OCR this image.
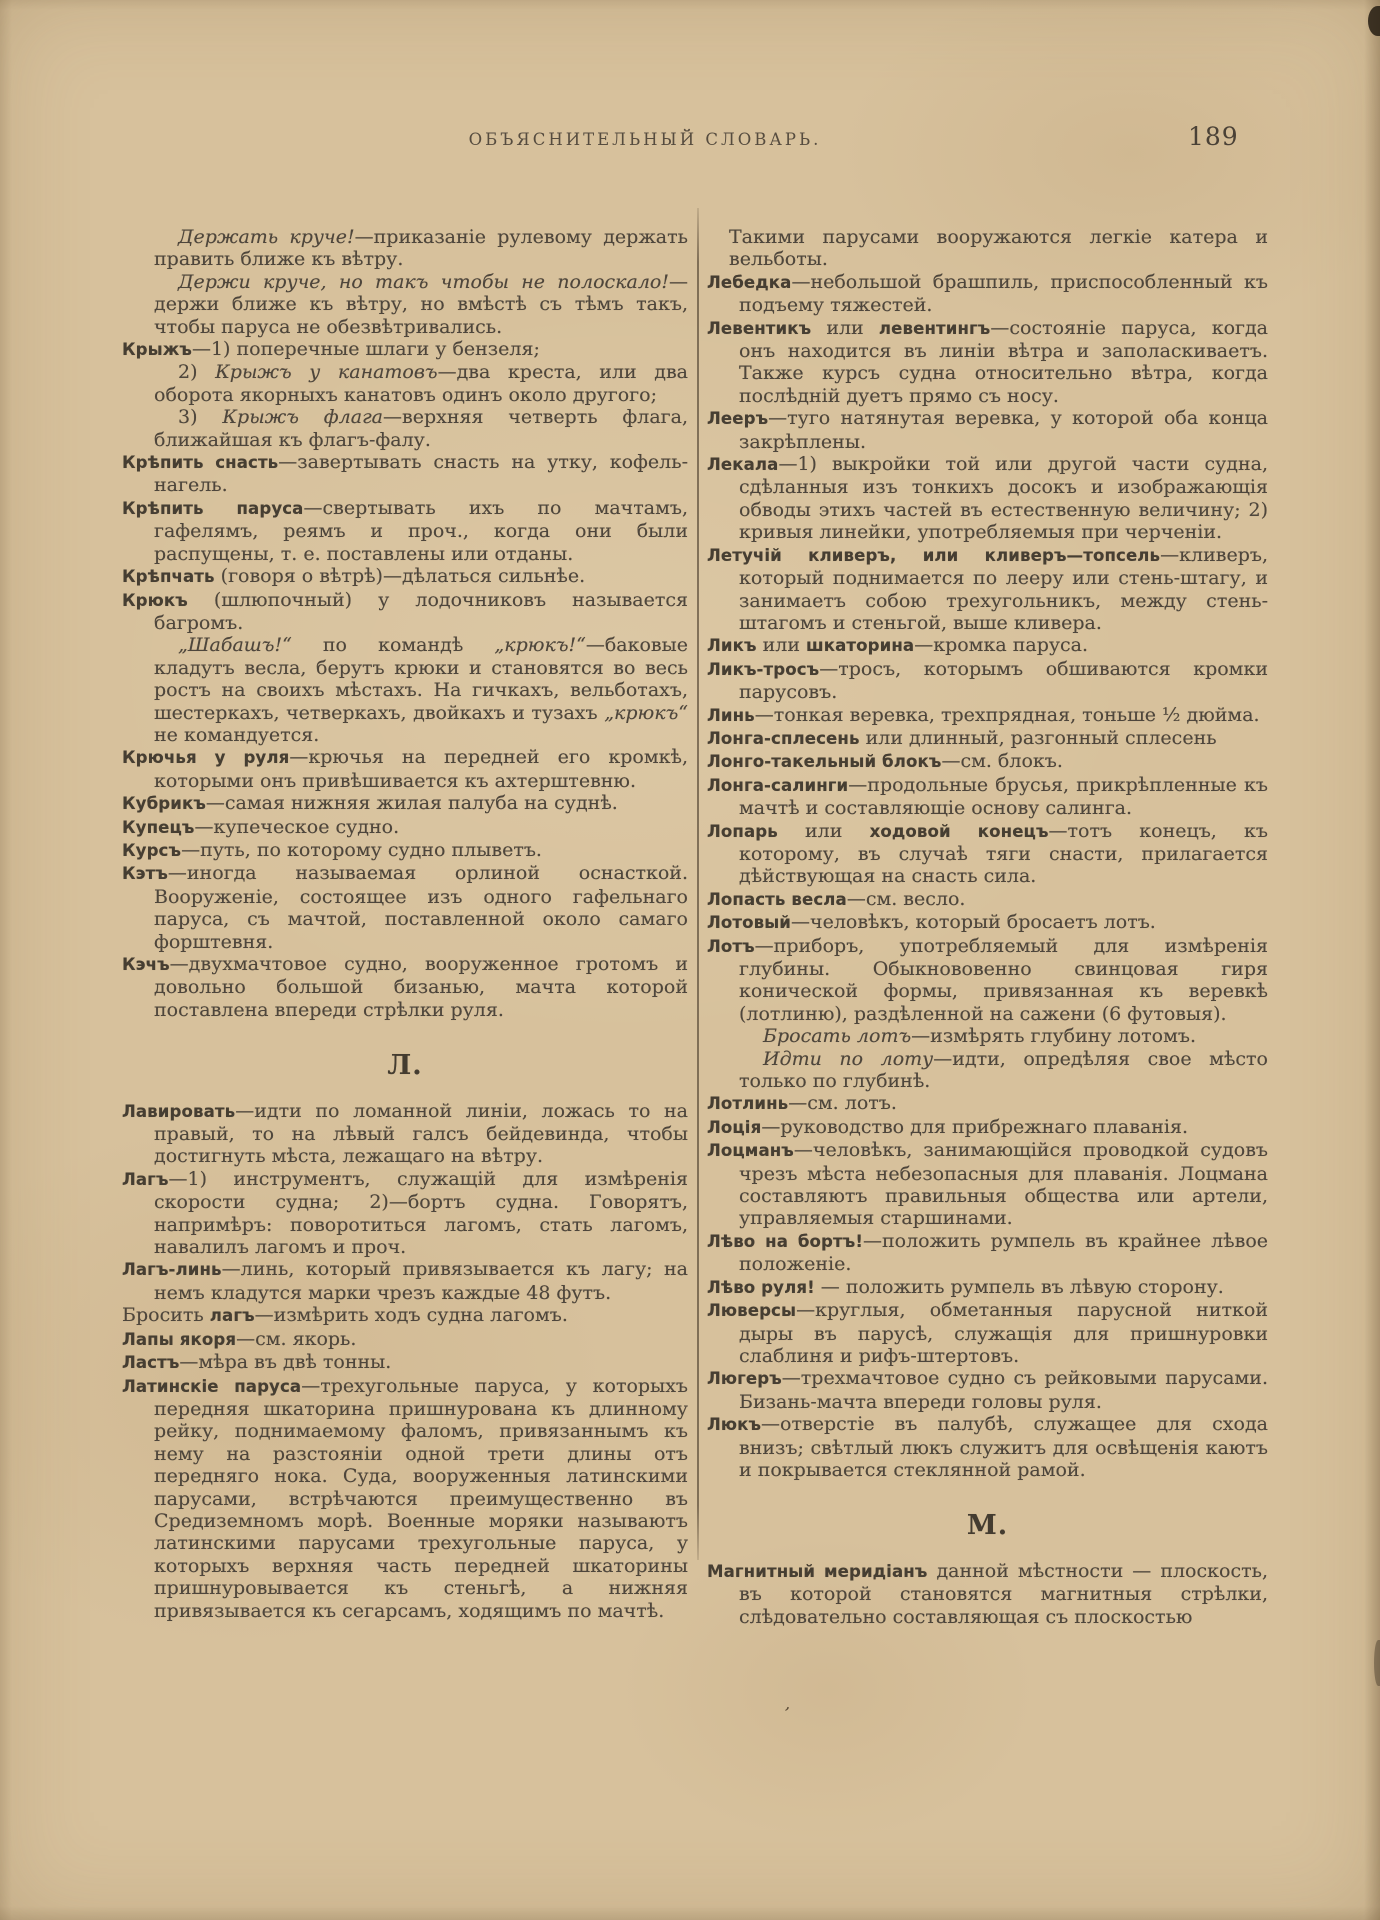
ОБЪЯСНИТЕЛЬНЫЙ СЛОВАРЬ.	189

Держать круче!—приказаніе рулевому держать править ближе къ вѣтру.

Держи круче, но такъ чтобы не полоскало!—держи ближе къ вѣтру, но вмѣстѣ съ тѣмъ такъ, чтобы паруса не обезвѣтривались.

Крыжъ—1) поперечные шлаги у бензеля;

2) Крыжъ у канатовъ—два креста, или два оборота якорныхъ канатовъ одинъ около другого;

3) Крыжъ флага—верхняя четверть флага, ближайшая къ флагъ-фалу.

Крѣпить снасть—завертывать снасть на утку, кофель-нагель.

Крѣпить паруса—свертывать ихъ по мачтамъ, гафелямъ, реямъ и проч., когда они были распущены, т. е. поставлены или отданы.

Крѣпчать (говоря о вѣтрѣ)—дѣлаться сильнѣе.

Крюкъ (шлюпочный) у лодочниковъ называется багромъ.

„Шабашъ!“ по командѣ „крюкъ!“—баковые кладутъ весла, берутъ крюки и становятся во весь ростъ на своихъ мѣстахъ. На гичкахъ, вельботахъ, шестеркахъ, четверкахъ, двойкахъ и тузахъ „крюкъ“ не командуется.

Крючья у руля—крючья на передней его кромкѣ, которыми онъ привѣшивается къ ахтерштевню.

Кубрикъ—самая нижняя жилая палуба на суднѣ.

Купецъ—купеческое судно.

Курсъ—путь, по которому судно плыветъ.

Кэтъ—иногда называемая орлиной оснасткой. Вооруженіе, состоящее изъ одного гафельнаго паруса, съ мачтой, поставленной около самаго форштевня.

Кэчъ—двухмачтовое судно, вооруженное гротомъ и довольно большой бизанью, мачта которой поставлена впереди стрѣлки руля.

Л.

Лавировать—идти по ломанной линіи, ложась то на правый, то на лѣвый галсъ бейдевинда, чтобы достигнуть мѣста, лежащаго на вѣтру.

Лагъ—1) инструментъ, служащій для измѣренія скорости судна; 2)—бортъ судна. Говорятъ, напримѣръ: поворотиться лагомъ, стать лагомъ, навалилъ лагомъ и проч.

Лагъ-линь—линь, который привязывается къ лагу; на немъ кладутся марки чрезъ каждые 48 футъ.

Бросить лагъ—измѣрить ходъ судна лагомъ.

Лапы якоря—см. якорь.

Ластъ—мѣра въ двѣ тонны.

Латинскіе паруса—трехугольные паруса, у которыхъ передняя шкаторина пришнурована къ длинному рейку, поднимаемому фаломъ, привязаннымъ къ нему на разстояніи одной трети длины отъ передняго нока. Суда, вооруженныя латинскими парусами, встрѣчаются преимущественно въ Средиземномъ морѣ. Военные моряки называютъ латинскими парусами трехугольные паруса, у которыхъ верхняя часть передней шкаторины пришнуровывается къ стеньгѣ, а нижняя привязывается къ сегарсамъ, ходящимъ по мачтѣ.

Такими парусами вооружаются легкіе катера и вельботы.

Лебедка—небольшой брашпиль, приспособленный къ подъему тяжестей.

Левентикъ или левентингъ—состояніе паруса, когда онъ находится въ линіи вѣтра и заполаскиваетъ. Также курсъ судна относительно вѣтра, когда послѣдній дуетъ прямо съ носу.

Лееръ—туго натянутая веревка, у которой оба конца закрѣплены.

Лекала—1) выкройки той или другой части судна, сдѣланныя изъ тонкихъ досокъ и изображающія обводы этихъ частей въ естественную величину; 2) кривыя линейки, употребляемыя при черченіи.

Летучій кливеръ, или кливеръ—топсель—кливеръ, который поднимается по лееру или стень-штагу, и занимаетъ собою трехугольникъ, между стень-штагомъ и стеньгой, выше кливера.

Ликъ или шкаторина—кромка паруса.

Ликъ-тросъ—тросъ, которымъ обшиваются кромки парусовъ.

Линь—тонкая веревка, трехпрядная, тоньше ½ дюйма.

Лонга-сплесень или длинный, разгонный сплесень

Лонго-такельный блокъ—см. блокъ.

Лонга-салинги—продольные брусья, прикрѣпленные къ мачтѣ и составляющіе основу салинга.

Лопарь или ходовой конецъ—тотъ конецъ, къ которому, въ случаѣ тяги снасти, прилагается дѣйствующая на снасть сила.

Лопасть весла—см. весло.

Лотовый—человѣкъ, который бросаетъ лотъ.

Лотъ—приборъ, употребляемый для измѣренія глубины. Обыкнововенно свинцовая гиря конической формы, привязанная къ веревкѣ (лотлиню), раздѣленной на сажени (6 футовыя).

Бросать лотъ—измѣрять глубину лотомъ.

Идти по лоту—идти, опредѣляя свое мѣсто только по глубинѣ.

Лотлинь—см. лотъ.

Лоція—руководство для прибрежнаго плаванія.

Лоцманъ—человѣкъ, занимающійся проводкой судовъ чрезъ мѣста небезопасныя для плаванія. Лоцмана составляютъ правильныя общества или артели, управляемыя старшинами.

Лѣво на бортъ!—положить румпель въ крайнее лѣвое положеніе.

Лѣво руля! — положить румпель въ лѣвую сторону.

Люверсы—круглыя, обметанныя парусной ниткой дыры въ парусѣ, служащія для пришнуровки слаблиня и рифъ-штертовъ.

Люгеръ—трехмачтовое судно съ рейковыми парусами. Бизань-мачта впереди головы руля.

Люкъ—отверстіе въ палубѣ, служащее для схода внизъ; свѣтлый люкъ служитъ для освѣщенія каютъ и покрывается стеклянной рамой.

М.

Магнитный меридіанъ данной мѣстности — плоскость, въ которой становятся магнитныя стрѣлки, слѣдовательно составляющая съ плоскостью

,
